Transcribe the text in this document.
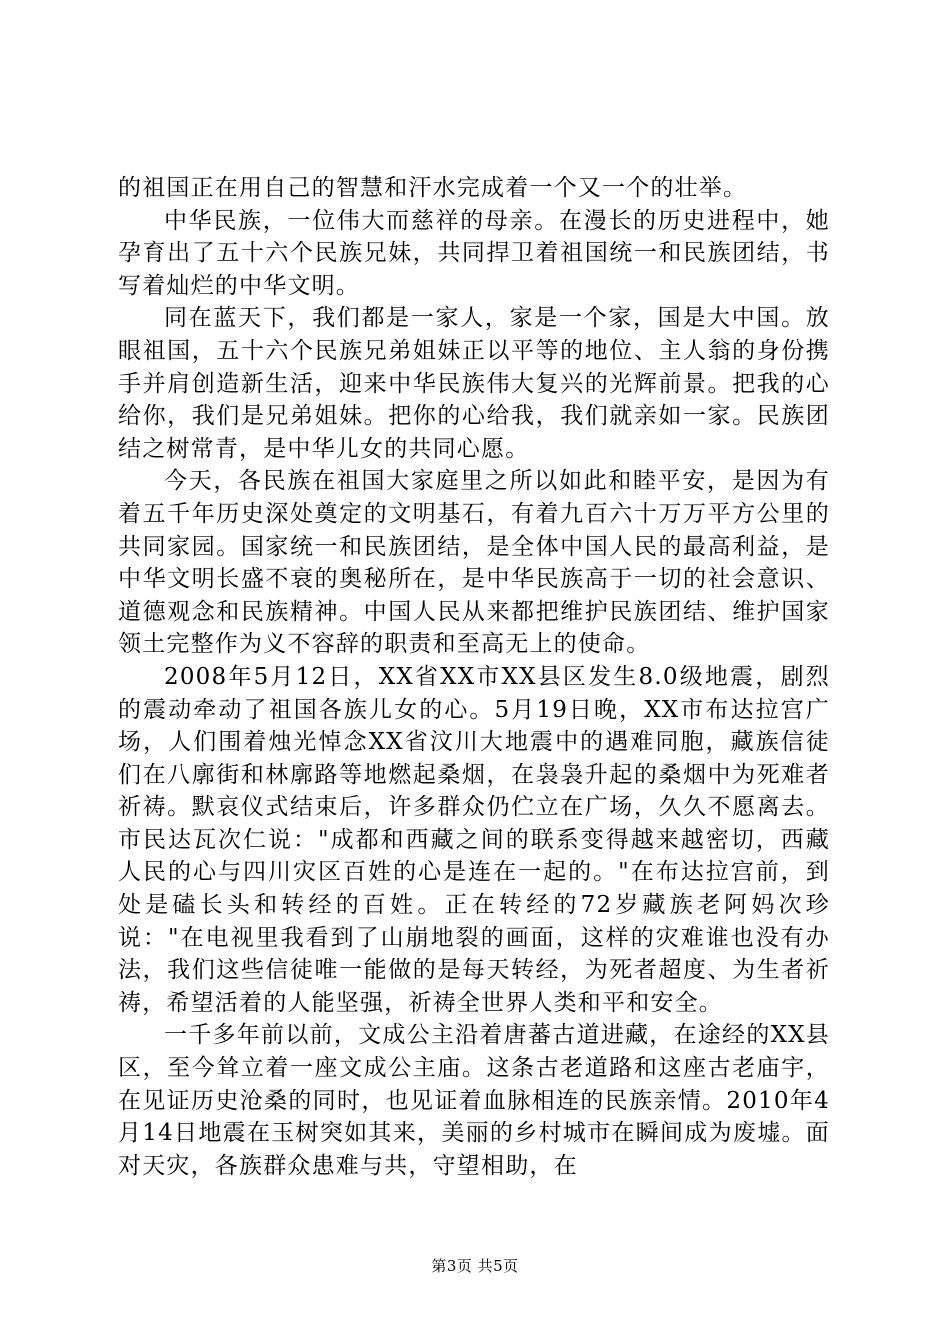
的祖国正在用自己的智慧和汗水完成着一个又一个的壮举。

中华民族，一位伟大而慈祥的母亲。在漫长的历史进程中，她孕育出了五十六个民族兄妹，共同捍卫着祖国统一和民族团结，书写着灿烂的中华文明。

同在蓝天下，我们都是一家人，家是一个家，国是大中国。放眼祖国，五十六个民族兄弟姐妹正以平等的地位、主人翁的身份携手并肩创造新生活，迎来中华民族伟大复兴的光辉前景。把我的心给你，我们是兄弟姐妹。把你的心给我，我们就亲如一家。民族团结之树常青，是中华儿女的共同心愿。

今天，各民族在祖国大家庭里之所以如此和睦平安，是因为有着五千年历史深处奠定的文明基石，有着九百六十万万平方公里的共同家园。国家统一和民族团结，是全体中国人民的最高利益，是中华文明长盛不衰的奥秘所在，是中华民族高于一切的社会意识、道德观念和民族精神。中国人民从来都把维护民族团结、维护国家领土完整作为义不容辞的职责和至高无上的使命。

2008年5月12日，XX省XX市XX县区发生8.0级地震，剧烈的震动牵动了祖国各族儿女的心。5月19日晚，XX市布达拉宫广场，人们围着烛光悼念XX省汶川大地震中的遇难同胞，藏族信徒们在八廓街和林廓路等地燃起桑烟，在袅袅升起的桑烟中为死难者祈祷。默哀仪式结束后，许多群众仍伫立在广场，久久不愿离去。市民达瓦次仁说："成都和西藏之间的联系变得越来越密切，西藏人民的心与四川灾区百姓的心是连在一起的。"在布达拉宫前，到处是磕长头和转经的百姓。正在转经的72岁藏族老阿妈次珍说："在电视里我看到了山崩地裂的画面，这样的灾难谁也没有办法，我们这些信徒唯一能做的是每天转经，为死者超度、为生者祈祷，希望活着的人能坚强，祈祷全世界人类和平和安全。

一千多年前以前，文成公主沿着唐蕃古道进藏，在途经的XX县区，至今耸立着一座文成公主庙。这条古老道路和这座古老庙宇，在见证历史沧桑的同时，也见证着血脉相连的民族亲情。2010年4月14日地震在玉树突如其来，美丽的乡村城市在瞬间成为废墟。面对天灾，各族群众患难与共，守望相助，在

第3页 共5页
